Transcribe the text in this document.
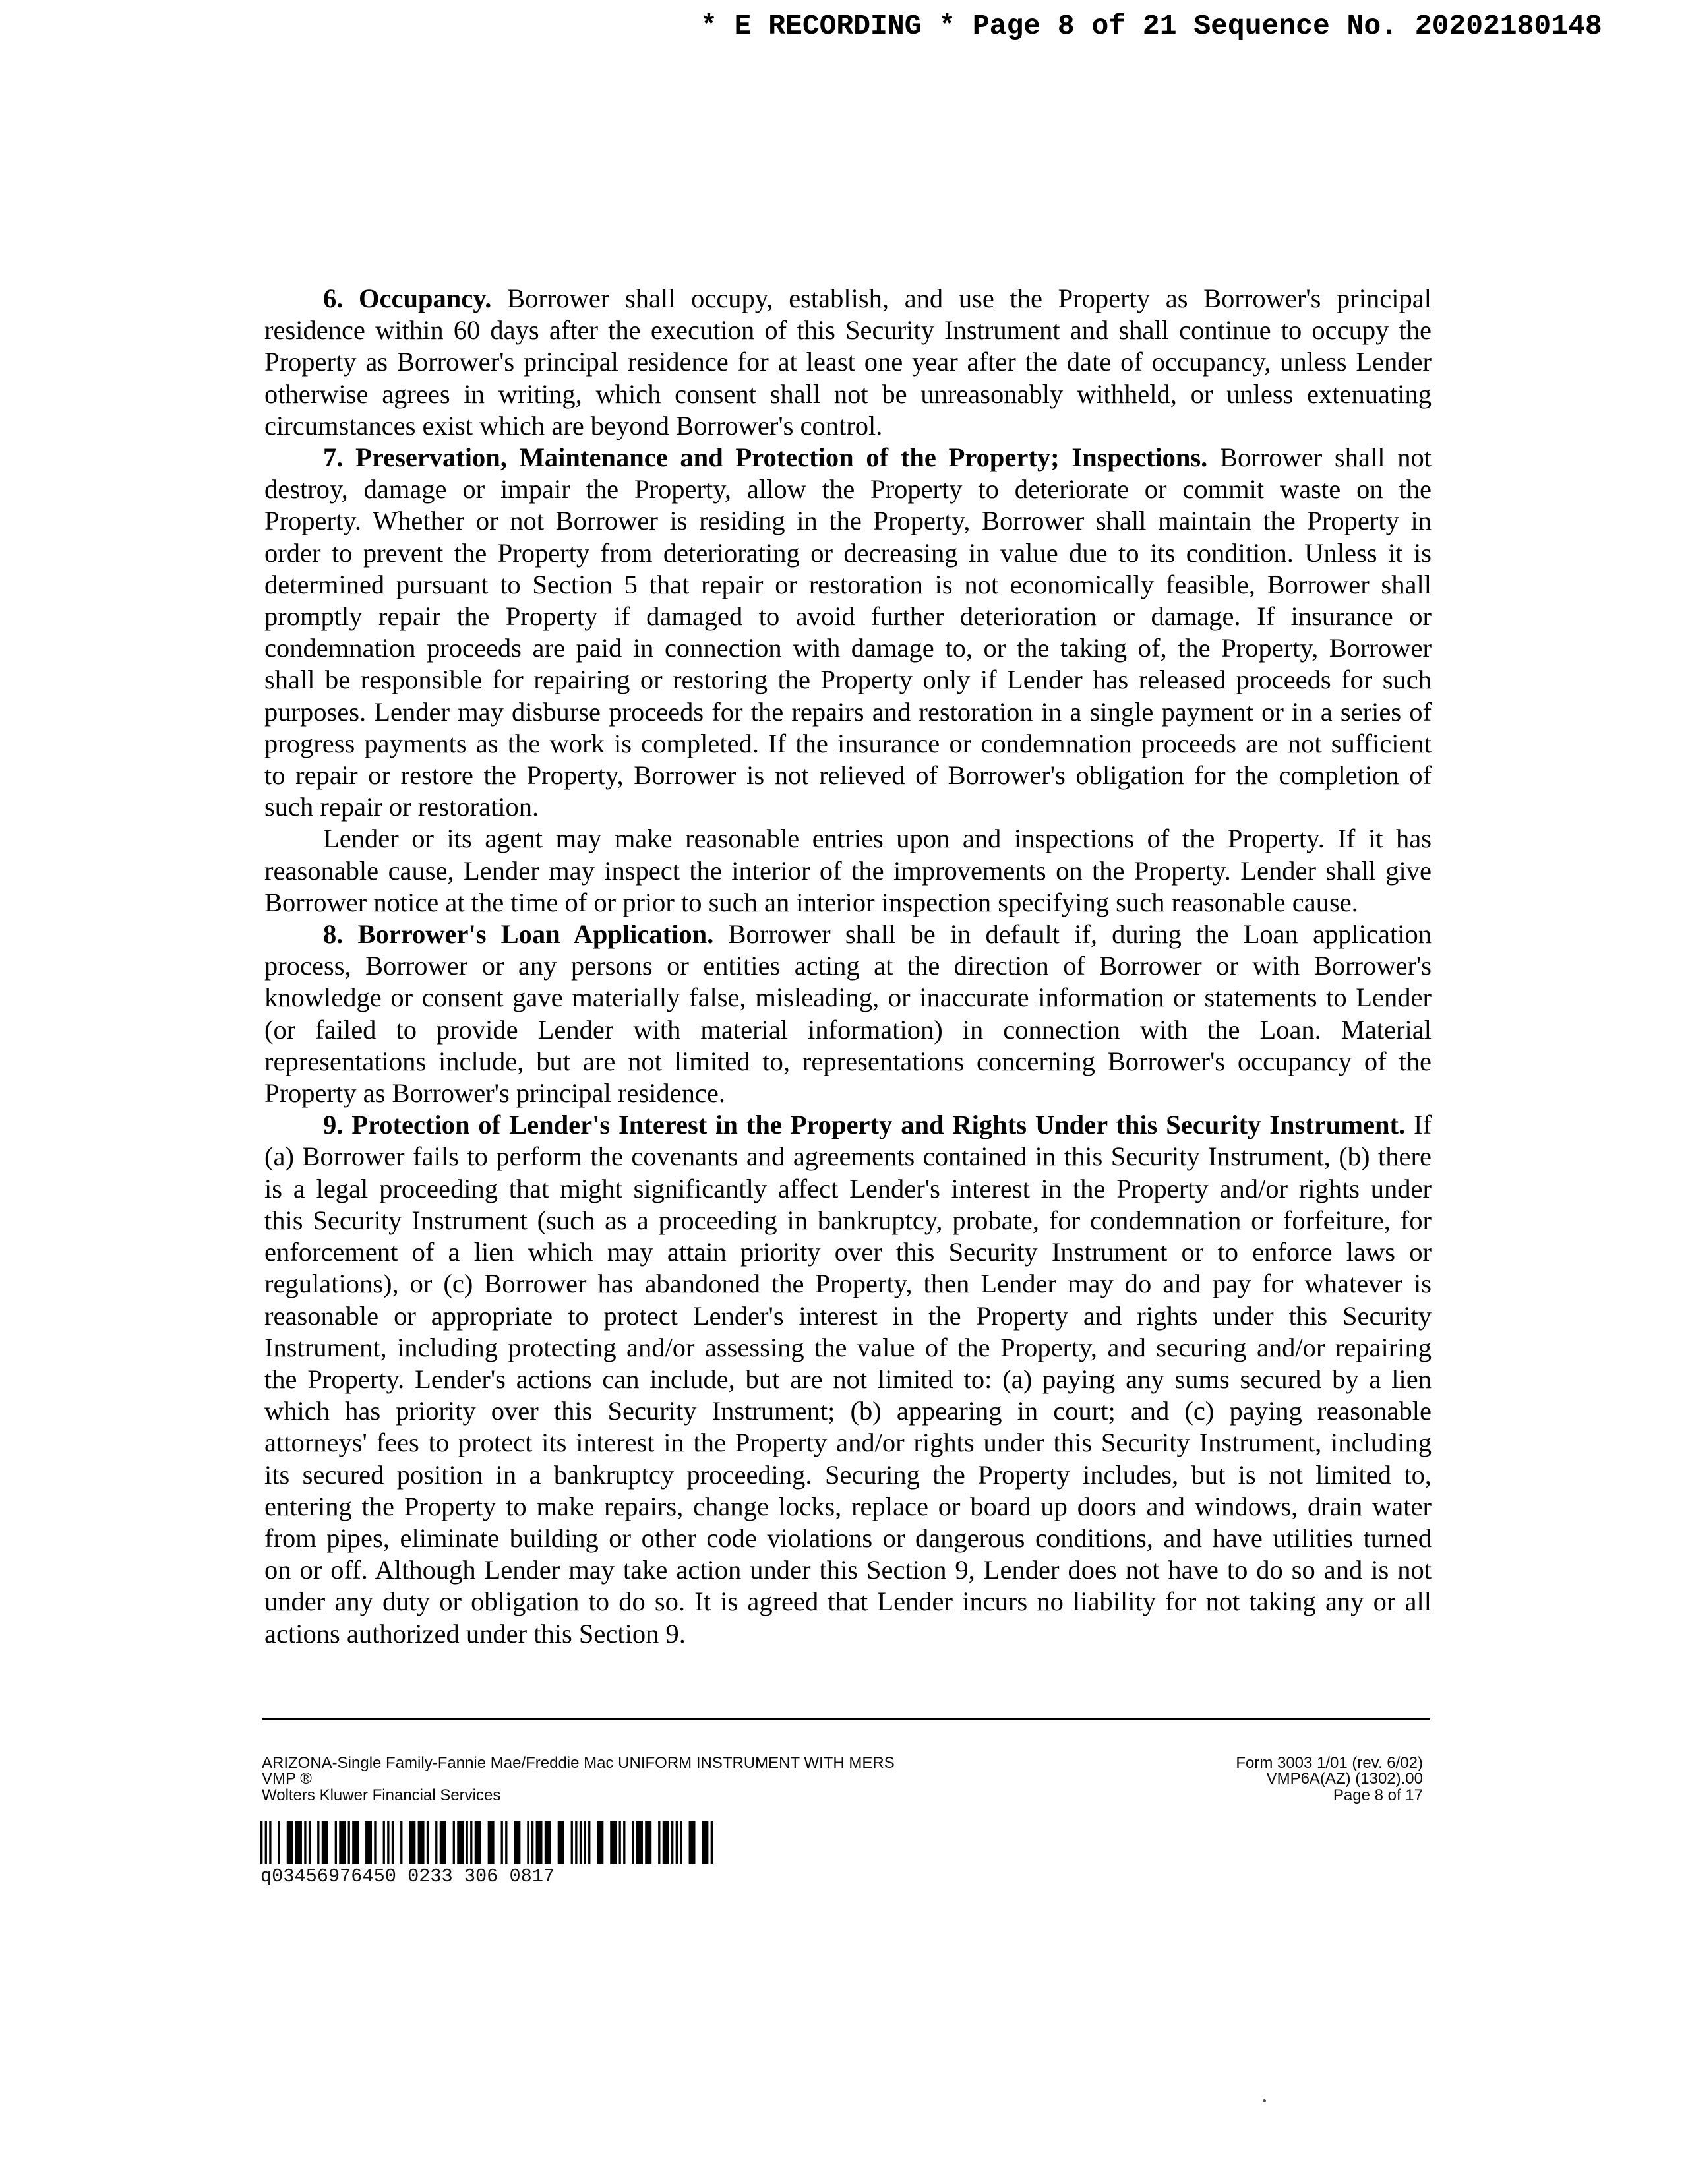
* E RECORDING * Page 8 of 21 Sequence No. 20202180148
6. Occupancy. Borrower shall occupy, establish, and use the Property as Borrower's principal
residence within 60 days after the execution of this Security Instrument and shall continue to occupy the
Property as Borrower's principal residence for at least one year after the date of occupancy, unless Lender
otherwise agrees in writing, which consent shall not be unreasonably withheld, or unless extenuating
circumstances exist which are beyond Borrower's control.
7. Preservation, Maintenance and Protection of the Property; Inspections. Borrower shall not
destroy, damage or impair the Property, allow the Property to deteriorate or commit waste on the
Property. Whether or not Borrower is residing in the Property, Borrower shall maintain the Property in
order to prevent the Property from deteriorating or decreasing in value due to its condition. Unless it is
determined pursuant to Section 5 that repair or restoration is not economically feasible, Borrower shall
promptly repair the Property if damaged to avoid further deterioration or damage. If insurance or
condemnation proceeds are paid in connection with damage to, or the taking of, the Property, Borrower
shall be responsible for repairing or restoring the Property only if Lender has released proceeds for such
purposes. Lender may disburse proceeds for the repairs and restoration in a single payment or in a series of
progress payments as the work is completed. If the insurance or condemnation proceeds are not sufficient
to repair or restore the Property, Borrower is not relieved of Borrower's obligation for the completion of
such repair or restoration.
Lender or its agent may make reasonable entries upon and inspections of the Property. If it has
reasonable cause, Lender may inspect the interior of the improvements on the Property. Lender shall give
Borrower notice at the time of or prior to such an interior inspection specifying such reasonable cause.
8. Borrower's Loan Application. Borrower shall be in default if, during the Loan application
process, Borrower or any persons or entities acting at the direction of Borrower or with Borrower's
knowledge or consent gave materially false, misleading, or inaccurate information or statements to Lender
(or failed to provide Lender with material information) in connection with the Loan. Material
representations include, but are not limited to, representations concerning Borrower's occupancy of the
Property as Borrower's principal residence.
9. Protection of Lender's Interest in the Property and Rights Under this Security Instrument. If
(a) Borrower fails to perform the covenants and agreements contained in this Security Instrument, (b) there
is a legal proceeding that might significantly affect Lender's interest in the Property and/or rights under
this Security Instrument (such as a proceeding in bankruptcy, probate, for condemnation or forfeiture, for
enforcement of a lien which may attain priority over this Security Instrument or to enforce laws or
regulations), or (c) Borrower has abandoned the Property, then Lender may do and pay for whatever is
reasonable or appropriate to protect Lender's interest in the Property and rights under this Security
Instrument, including protecting and/or assessing the value of the Property, and securing and/or repairing
the Property. Lender's actions can include, but are not limited to: (a) paying any sums secured by a lien
which has priority over this Security Instrument; (b) appearing in court; and (c) paying reasonable
attorneys' fees to protect its interest in the Property and/or rights under this Security Instrument, including
its secured position in a bankruptcy proceeding. Securing the Property includes, but is not limited to,
entering the Property to make repairs, change locks, replace or board up doors and windows, drain water
from pipes, eliminate building or other code violations or dangerous conditions, and have utilities turned
on or off. Although Lender may take action under this Section 9, Lender does not have to do so and is not
under any duty or obligation to do so. It is agreed that Lender incurs no liability for not taking any or all
actions authorized under this Section 9.
ARIZONA-Single Family-Fannie Mae/Freddie Mac UNIFORM INSTRUMENT WITH MERS
VMP ®
Wolters Kluwer Financial Services
Form 3003 1/01 (rev. 6/02)
VMP6A(AZ) (1302).00
Page 8 of 17
q03456976450 0233 306 0817
